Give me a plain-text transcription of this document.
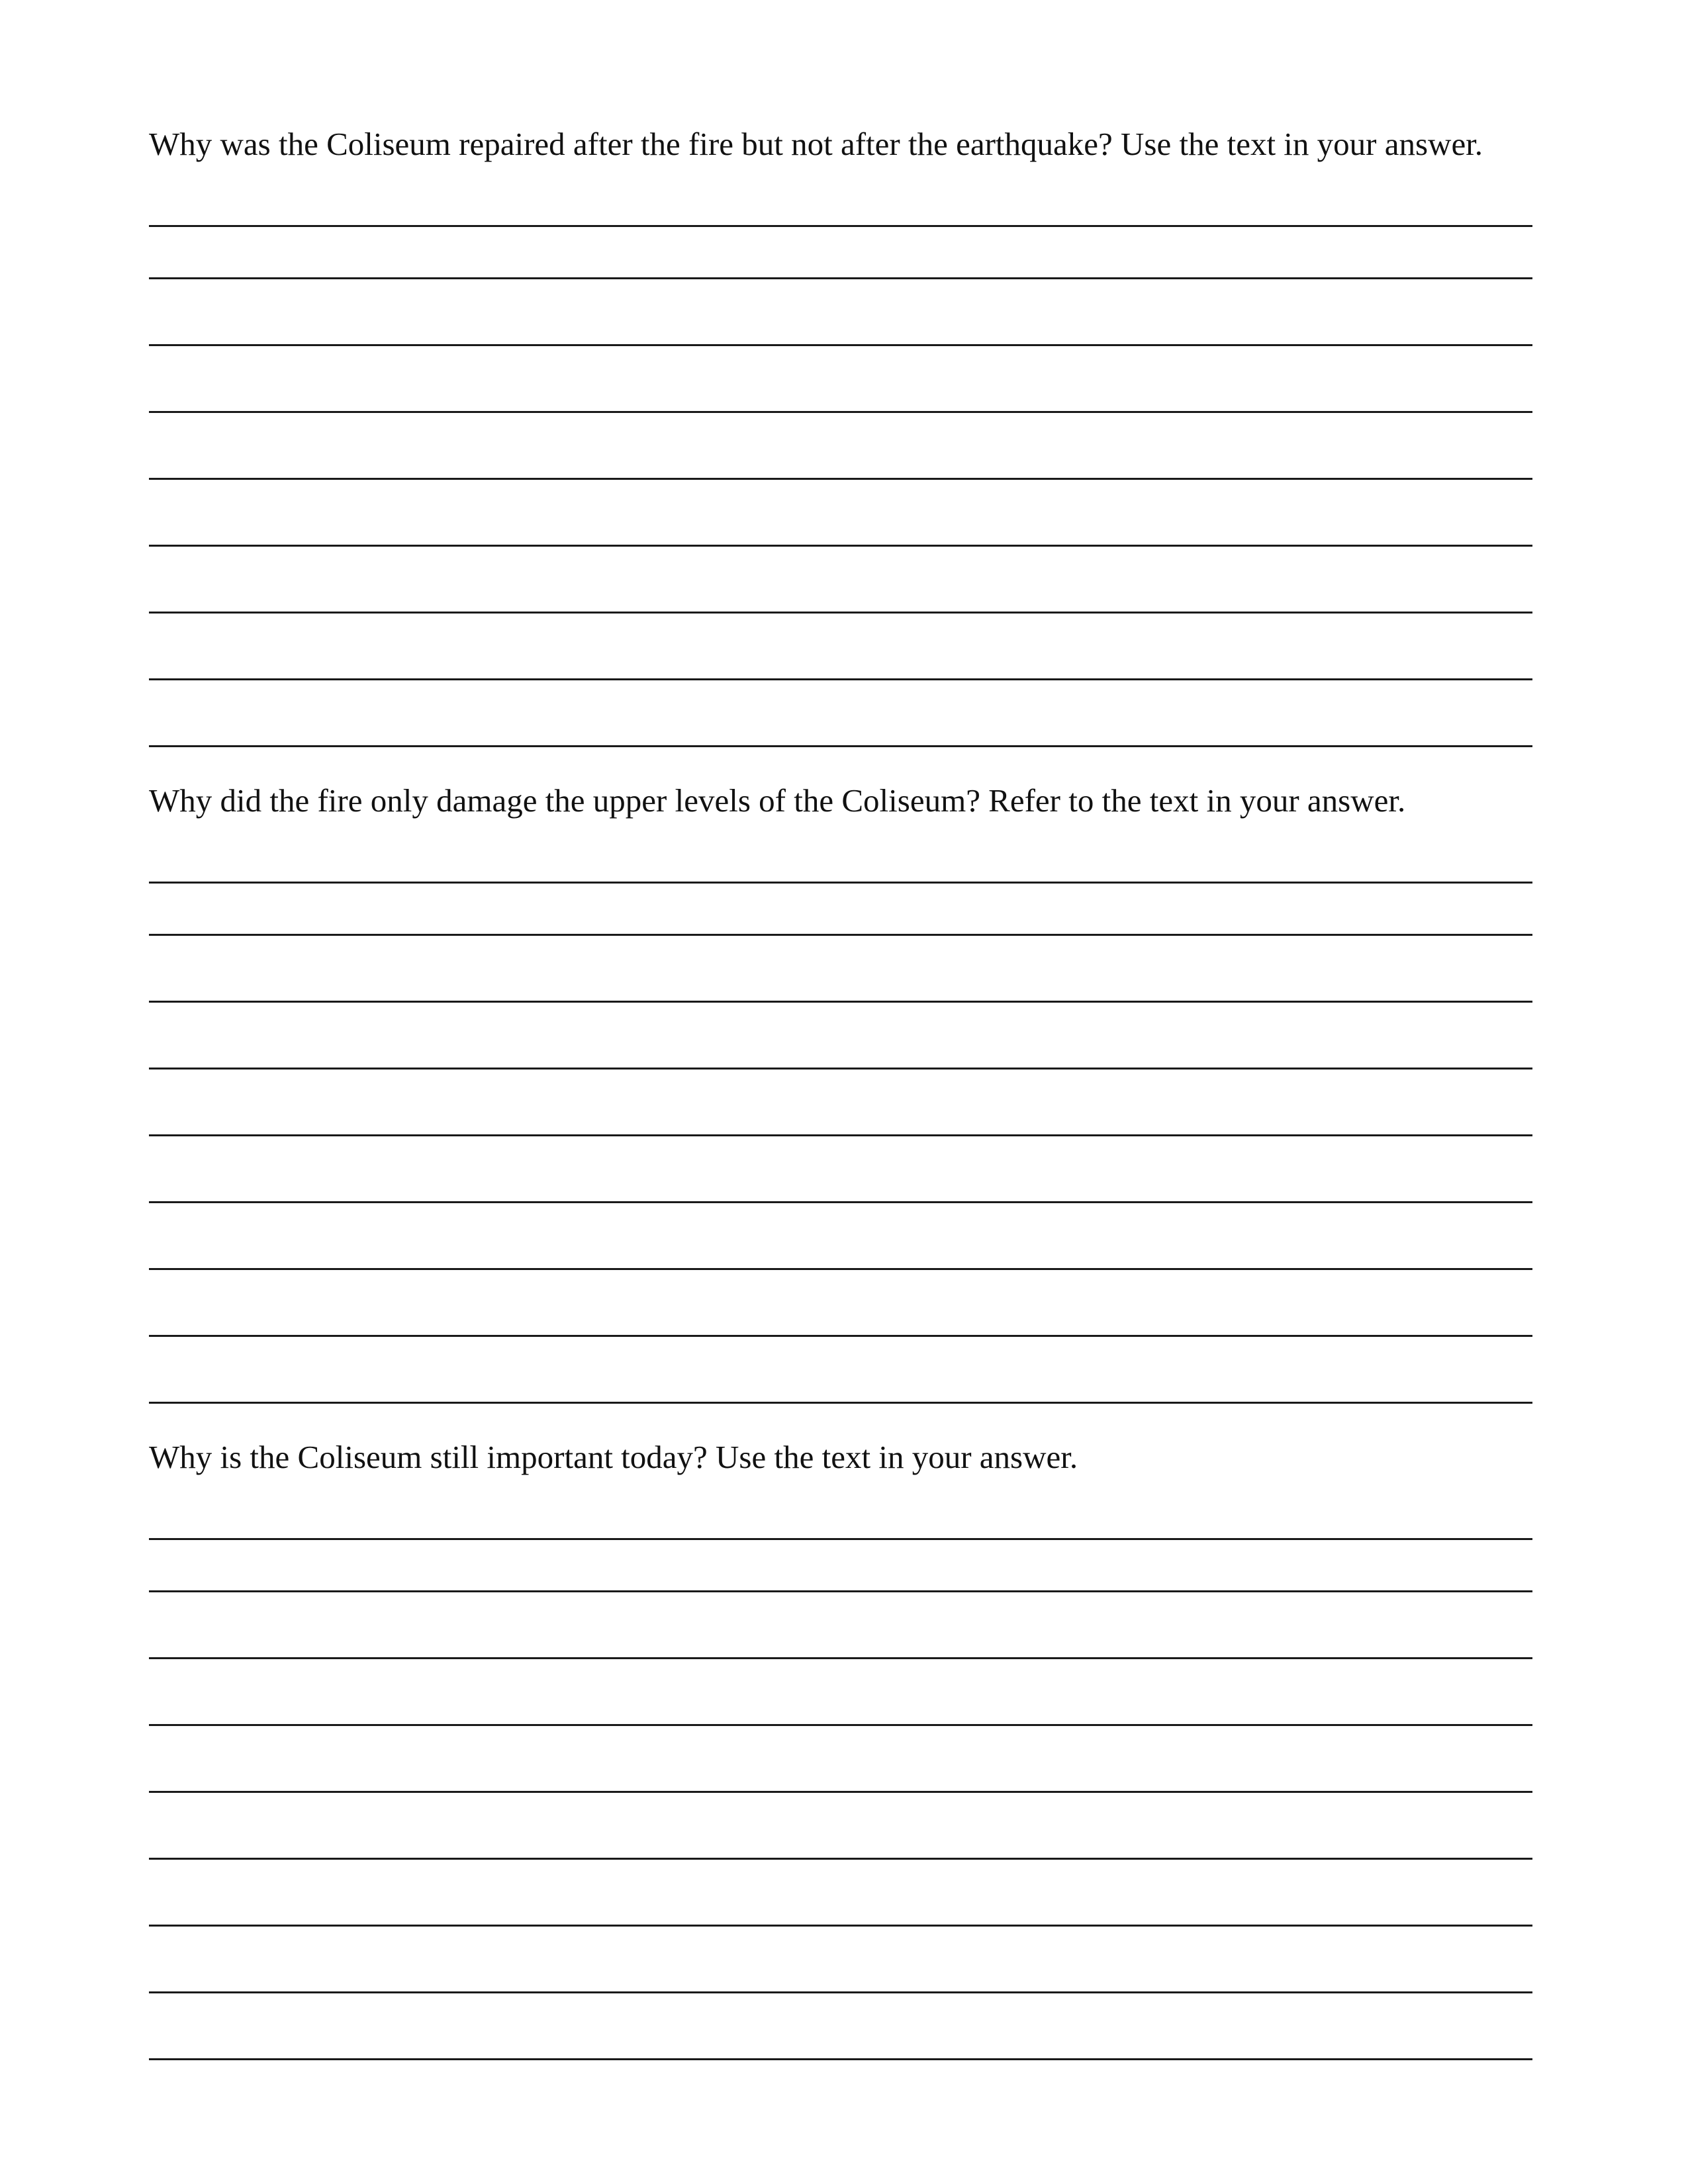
Why was the Coliseum repaired after the fire but not after the earthquake? Use the text in your answer.

Why did the fire only damage the upper levels of the Coliseum? Refer to the text in your answer.

Why is the Coliseum still important today? Use the text in your answer.
